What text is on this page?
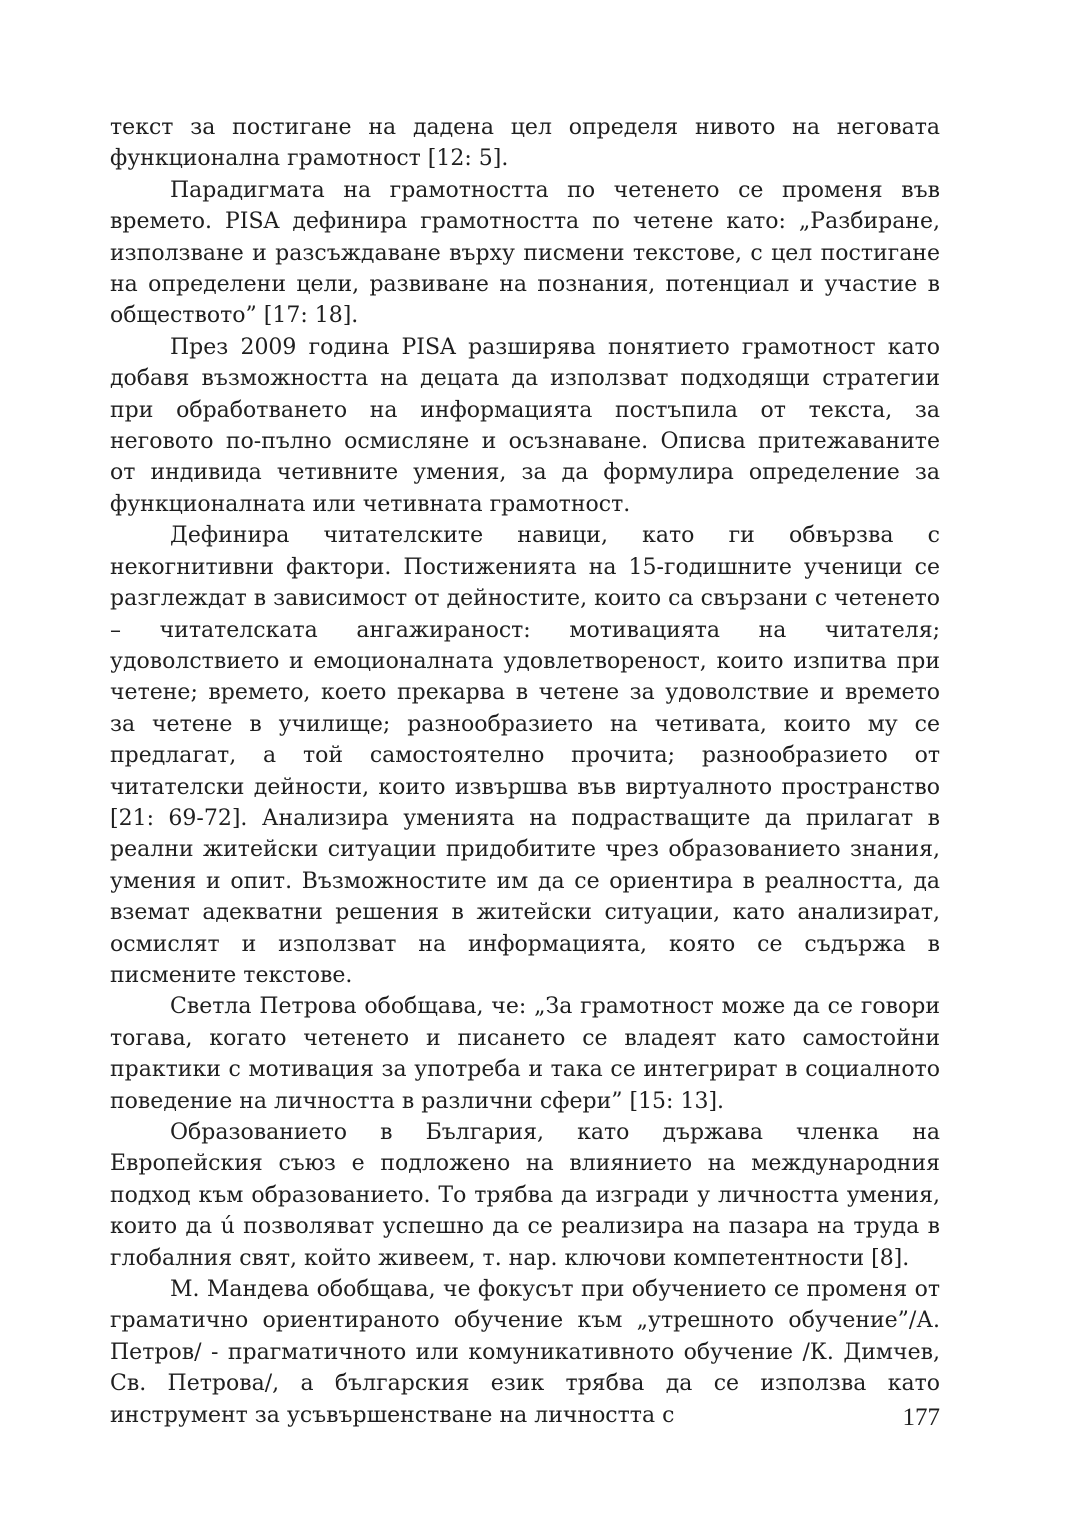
текст за постигане на дадена цел определя нивото на неговата функционална грамотност [12: 5].

Парадигмата на грамотността по четенето се променя във времето. PISA дефинира грамотността по четене като: „Разбиране, използване и разсъждаване върху писмени текстове, с цел постигане на определени цели, развиване на познания, потенциал и участие в обществото” [17: 18].

През 2009 година PISA разширява понятието грамотност като добавя възможността на децата да използват подходящи стратегии при обработването на информацията постъпила от текста, за неговото по-пълно осмисляне и осъзнаване. Описва притежаваните от индивида четивните умения, за да формулира определение за функционалната или четивната грамотност.

Дефинира читателските навици, като ги обвързва с некогнитивни фактори. Постиженията на 15-годишните ученици се разглеждат в зависимост от дейностите, които са свързани с четенето – читателската ангажираност: мотивацията на читателя; удоволствието и емоционалната удовлетвореност, които изпитва при четене; времето, което прекарва в четене за удоволствие и времето за четене в училище; разнообразието на четивата, които му се предлагат, а той самостоятелно прочита; разнообразието от читателски дейности, които извършва във виртуалното пространство [21: 69-72]. Анализира уменията на подрастващите да прилагат в реални житейски ситуации придобитите чрез образованието знания, умения и опит. Възможностите им да се ориентира в реалността, да вземат адекватни решения в житейски ситуации, като анализират, осмислят и използват на информацията, която се съдържа в писмените текстове.

Светла Петрова обобщава, че: „За грамотност може да се говори тогава, когато четенето и писането се владеят като самостойни практики с мотивация за употреба и така се интегрират в социалното поведение на личността в различни сфери” [15: 13].

Образованието в България, като държава членка на Европейския съюз е подложено на влиянието на международния подход към образованието. То трябва да изгради у личността умения, които да ú позволяват успешно да се реализира на пазара на труда в глобалния свят, който живеем, т. нар. ключови компетентности [8].

М. Мандева обобщава, че фокусът при обучението се променя от граматично ориентираното обучение към „утрешното обучение”/А. Петров/ - прагматичното или комуникативното обучение /К. Димчев, Св. Петрова/, а българския език трябва да се използва като инструмент за усъвършенстване на личността с	177
